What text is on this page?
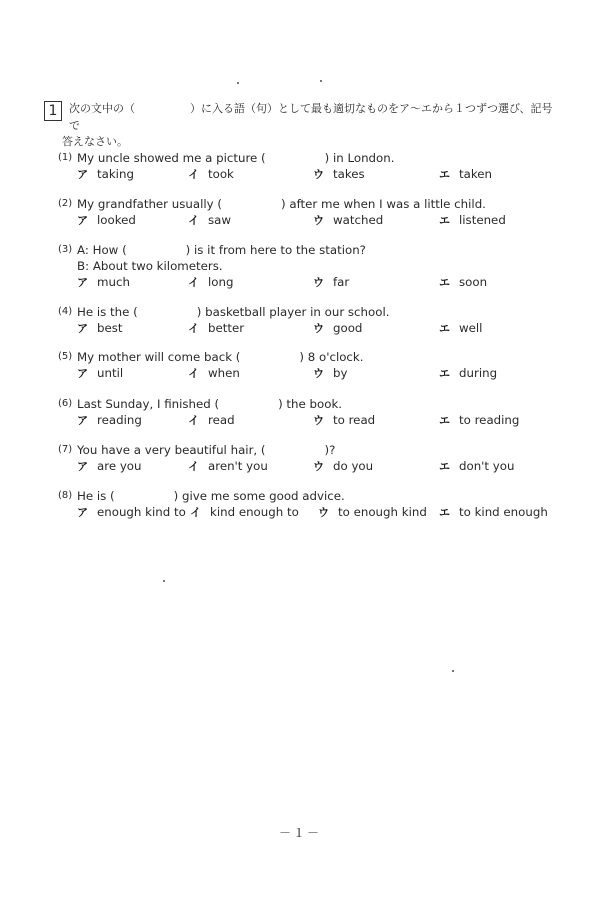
1	次の文中の（　　　　　）に入る語（句）として最も適切なものをア～エから１つずつ選び、記号で
答えなさい。
(1) My uncle showed me a picture (　　　　　) in London.
ア taking	イ took	ウ takes	エ taken
(2) My grandfather usually (　　　　　) after me when I was a little child.
ア looked	イ saw	ウ watched	エ listened
(3) A: How (　　　　　) is it from here to the station?
B: About two kilometers.
ア much	イ long	ウ far	エ soon
(4) He is the (　　　　　) basketball player in our school.
ア best	イ better	ウ good	エ well
(5) My mother will come back (　　　　　) 8 o'clock.
ア until	イ when	ウ by	エ during
(6) Last Sunday, I finished (　　　　　) the book.
ア reading	イ read	ウ to read	エ to reading
(7) You have a very beautiful hair, (　　　　　)?
ア are you	イ aren't you	ウ do you	エ don't you
(8) He is (　　　　　) give me some good advice.
ア enough kind to イ kind enough to ウ to enough kind エ to kind enough
－１－
